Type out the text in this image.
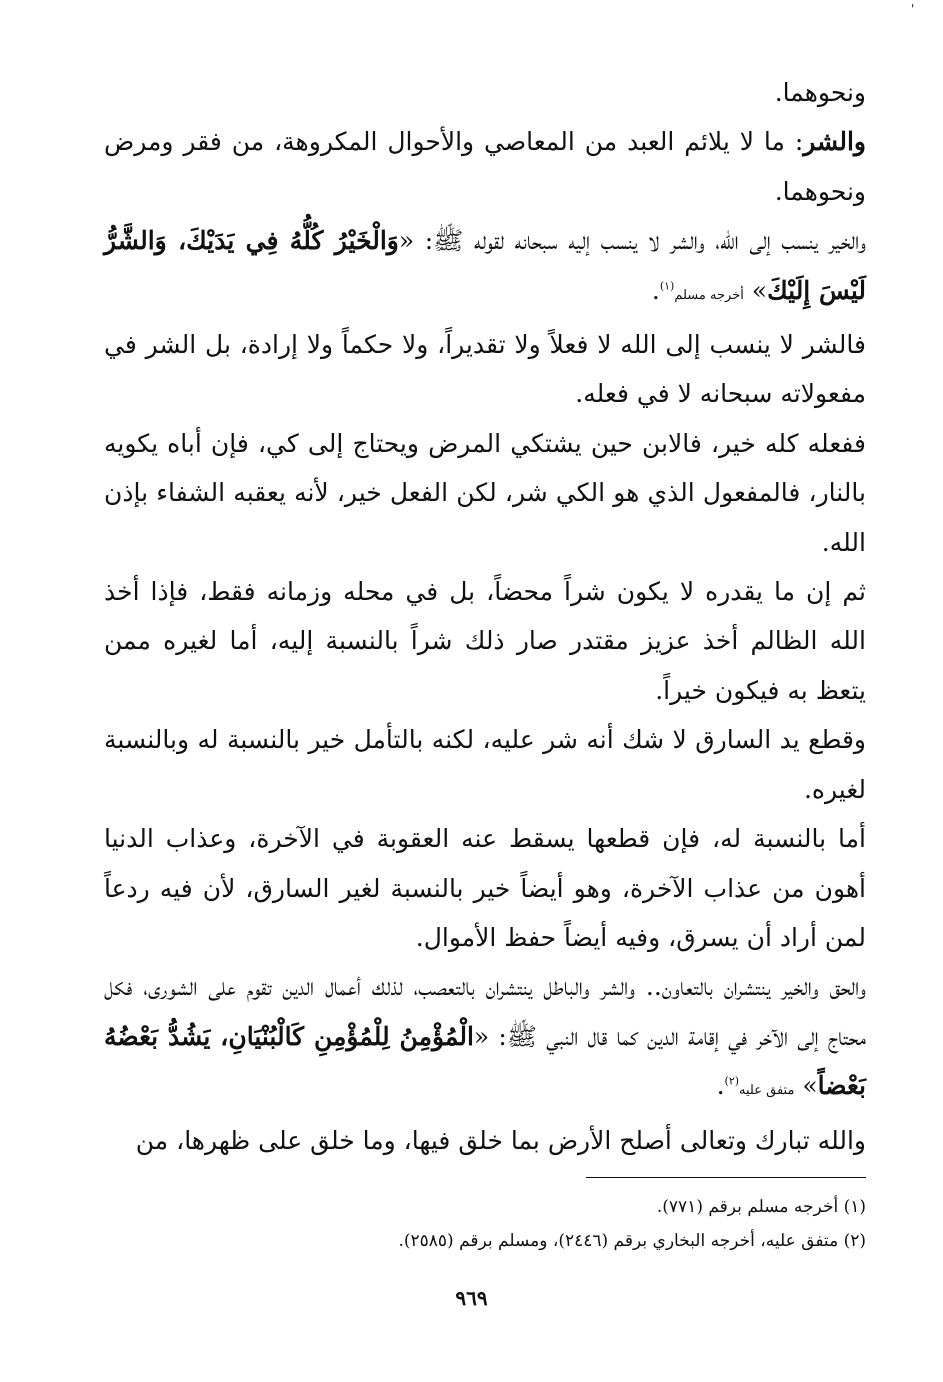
'

ونحوهما.

والشر: ما لا يلائم العبد من المعاصي والأحوال المكروهة، من فقر ومرض ونحوهما.

والخير ينسب إلى الله، والشر لا ينسب إليه سبحانه لقوله ﷺ: «وَالْخَيْرُ كُلُّهُ فِي يَدَيْكَ، وَالشَّرُّ لَيْسَ إِلَيْكَ» أخرجه مسلم$^{(١)}$.

فالشر لا ينسب إلى الله لا فعلاً ولا تقديراً، ولا حكماً ولا إرادة، بل الشر في مفعولاته سبحانه لا في فعله.

ففعله كله خير، فالابن حين يشتكي المرض ويحتاج إلى كي، فإن أباه يكويه بالنار، فالمفعول الذي هو الكي شر، لكن الفعل خير، لأنه يعقبه الشفاء بإذن الله.

ثم إن ما يقدره لا يكون شراً محضاً، بل في محله وزمانه فقط، فإذا أخذ الله الظالم أخذ عزيز مقتدر صار ذلك شراً بالنسبة إليه، أما لغيره ممن يتعظ به فيكون خيراً.

وقطع يد السارق لا شك أنه شر عليه، لكنه بالتأمل خير بالنسبة له وبالنسبة لغيره.

أما بالنسبة له، فإن قطعها يسقط عنه العقوبة في الآخرة، وعذاب الدنيا أهون من عذاب الآخرة، وهو أيضاً خير بالنسبة لغير السارق، لأن فيه ردعاً لمن أراد أن يسرق، وفيه أيضاً حفظ الأموال.

والحق والخير ينتشران بالتعاون.. والشر والباطل ينتشران بالتعصب، لذلك أعمال الدين تقوم على الشورى، فكل محتاج إلى الآخر في إقامة الدين كما قال النبي ﷺ: «الْمُؤْمِنُ لِلْمُؤْمِنِ كَالْبُنْيَانِ، يَشُدُّ بَعْضُهُ بَعْضاً» متفق عليه$^{(٢)}$.

والله تبارك وتعالى أصلح الأرض بما خلق فيها، وما خلق على ظهرها، من

(١) أخرجه مسلم برقم (٧٧١).

(٢) متفق عليه، أخرجه البخاري برقم (٢٤٤٦)، ومسلم برقم (٢٥٨٥).

٩٦٩
